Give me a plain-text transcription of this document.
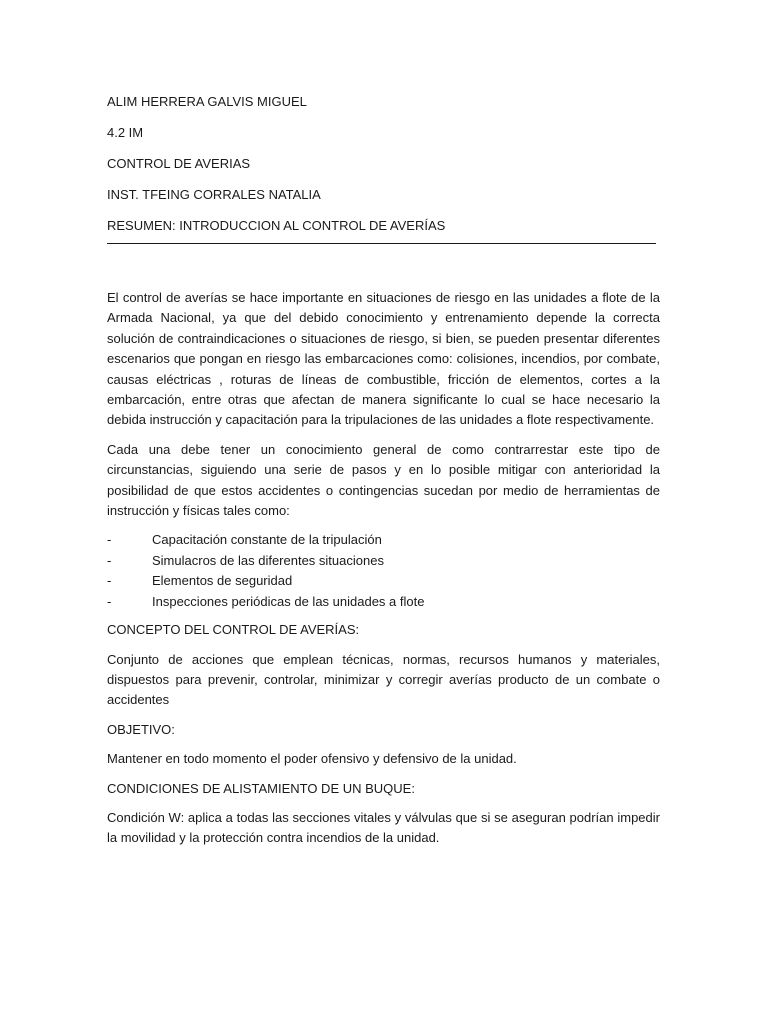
ALIM HERRERA GALVIS MIGUEL

4.2 IM

CONTROL DE AVERIAS

INST. TFEING CORRALES NATALIA

RESUMEN: INTRODUCCION AL CONTROL DE AVERÍAS

El control de averías se hace importante en situaciones de riesgo en las unidades a flote de la Armada Nacional, ya que del debido conocimiento y entrenamiento depende la correcta solución de contraindicaciones o situaciones de riesgo, si bien, se pueden presentar diferentes escenarios que pongan en riesgo las embarcaciones como: colisiones, incendios, por combate, causas eléctricas , roturas de líneas de combustible, fricción de elementos, cortes a la embarcación, entre otras que afectan de manera significante lo cual se hace necesario la debida instrucción y capacitación para la tripulaciones de las unidades a flote respectivamente.

Cada una debe tener un conocimiento general de como contrarrestar este tipo de circunstancias, siguiendo una serie de pasos y en lo posible mitigar con anterioridad la posibilidad de que estos accidentes o contingencias sucedan por medio de herramientas de instrucción y físicas tales como:

-	Capacitación constante de la tripulación
-	Simulacros de las diferentes situaciones
-	Elementos de seguridad
-	Inspecciones periódicas de las unidades a flote

CONCEPTO DEL CONTROL DE AVERÍAS:

Conjunto de acciones que emplean técnicas, normas, recursos humanos y materiales, dispuestos para prevenir, controlar, minimizar y corregir averías producto de un combate o accidentes

OBJETIVO:

Mantener en todo momento el poder ofensivo y defensivo de la unidad.

CONDICIONES DE ALISTAMIENTO DE UN BUQUE:

Condición W: aplica a todas las secciones vitales y válvulas que si se aseguran podrían impedir la movilidad y la protección contra incendios de la unidad.
